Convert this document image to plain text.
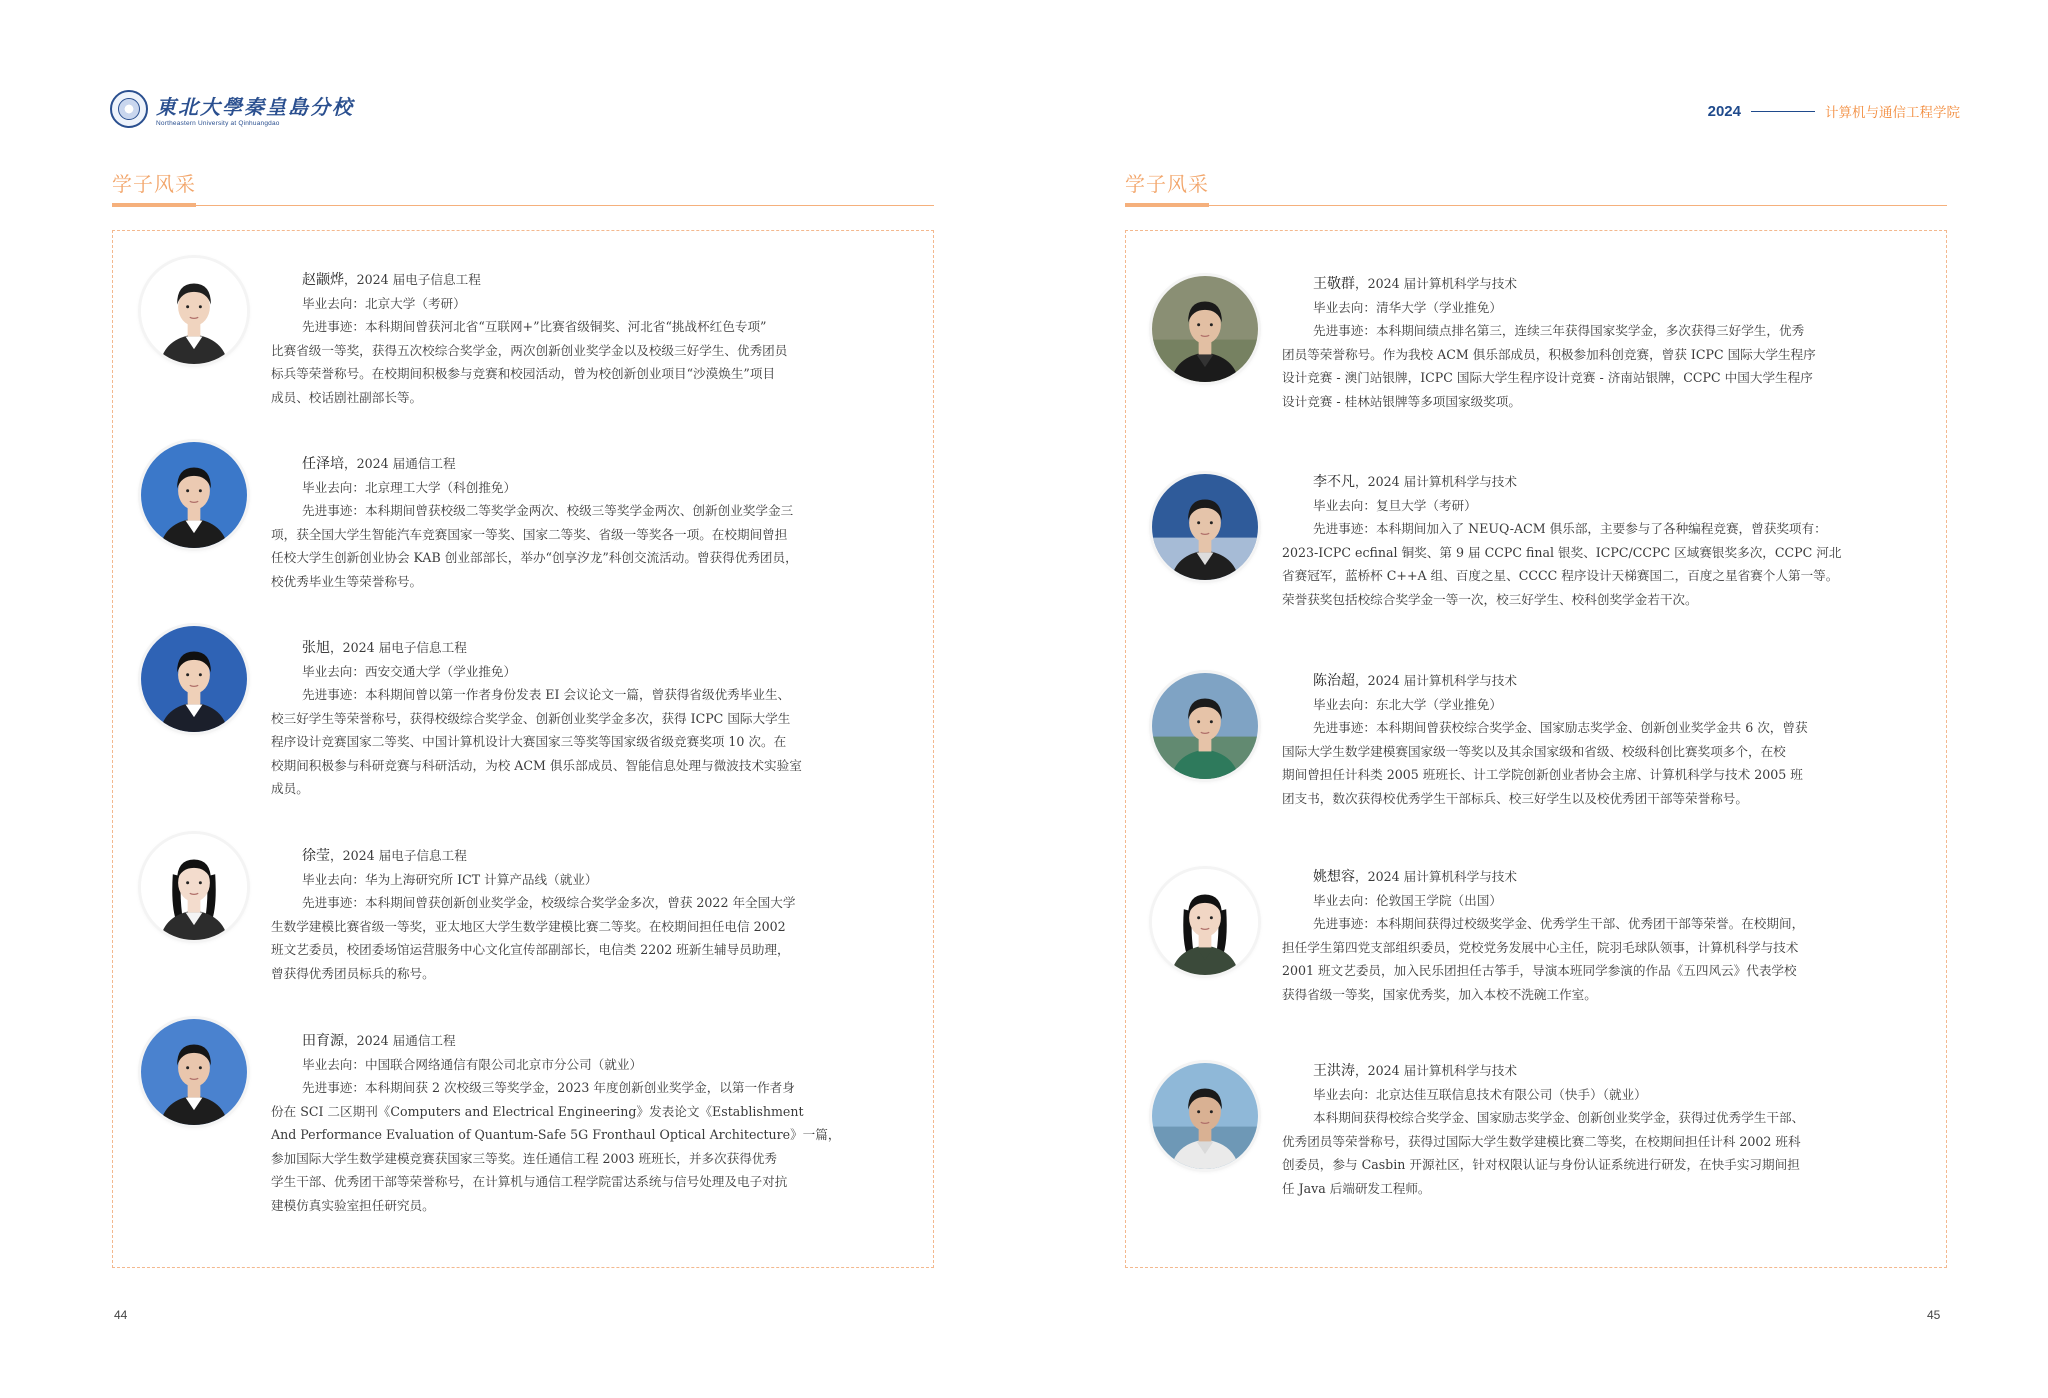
東北大學秦皇島分校
Northeastern University at Qinhuangdao
学子风采
赵颛烨，2024 届电子信息工程
毕业去向：北京大学（考研）
先进事迹：本科期间曾获河北省“互联网+”比赛省级铜奖、河北省“挑战杯红色专项”
比赛省级一等奖，获得五次校综合奖学金，两次创新创业奖学金以及校级三好学生、优秀团员
标兵等荣誉称号。在校期间积极参与竞赛和校园活动，曾为校创新创业项目“沙漠焕生”项目
成员、校话剧社副部长等。
任泽培，2024 届通信工程
毕业去向：北京理工大学（科创推免）
先进事迹：本科期间曾获校级二等奖学金两次、校级三等奖学金两次、创新创业奖学金三
项，获全国大学生智能汽车竞赛国家一等奖、国家二等奖、省级一等奖各一项。在校期间曾担
任校大学生创新创业协会 KAB 创业部部长，举办“创享汐龙”科创交流活动。曾获得优秀团员，
校优秀毕业生等荣誉称号。
张旭，2024 届电子信息工程
毕业去向：西安交通大学（学业推免）
先进事迹：本科期间曾以第一作者身份发表 EI 会议论文一篇，曾获得省级优秀毕业生、
校三好学生等荣誉称号，获得校级综合奖学金、创新创业奖学金多次，获得 ICPC 国际大学生
程序设计竞赛国家二等奖、中国计算机设计大赛国家三等奖等国家级省级竞赛奖项 10 次。在
校期间积极参与科研竞赛与科研活动，为校 ACM 俱乐部成员、智能信息处理与微波技术实验室
成员。
徐莹，2024 届电子信息工程
毕业去向：华为上海研究所 ICT 计算产品线（就业）
先进事迹：本科期间曾获创新创业奖学金，校级综合奖学金多次，曾获 2022 年全国大学
生数学建模比赛省级一等奖，亚太地区大学生数学建模比赛二等奖。在校期间担任电信 2002
班文艺委员，校团委场馆运营服务中心文化宣传部副部长，电信类 2202 班新生辅导员助理，
曾获得优秀团员标兵的称号。
田育源，2024 届通信工程
毕业去向：中国联合网络通信有限公司北京市分公司（就业）
先进事迹：本科期间获 2 次校级三等奖学金，2023 年度创新创业奖学金，以第一作者身
份在 SCI 二区期刊《Computers and Electrical Engineering》发表论文《Establishment
And Performance Evaluation of Quantum-Safe 5G Fronthaul Optical Architecture》一篇，
参加国际大学生数学建模竞赛获国家三等奖。连任通信工程 2003 班班长，并多次获得优秀
学生干部、优秀团干部等荣誉称号，在计算机与通信工程学院雷达系统与信号处理及电子对抗
建模仿真实验室担任研究员。
44
2024	计算机与通信工程学院
学子风采
王敬群，2024 届计算机科学与技术
毕业去向：清华大学（学业推免）
先进事迹：本科期间绩点排名第三，连续三年获得国家奖学金，多次获得三好学生，优秀
团员等荣誉称号。作为我校 ACM 俱乐部成员，积极参加科创竞赛，曾获 ICPC 国际大学生程序
设计竞赛 - 澳门站银牌，ICPC 国际大学生程序设计竞赛 - 济南站银牌，CCPC 中国大学生程序
设计竞赛 - 桂林站银牌等多项国家级奖项。
李不凡，2024 届计算机科学与技术
毕业去向：复旦大学（考研）
先进事迹：本科期间加入了 NEUQ-ACM 俱乐部，主要参与了各种编程竞赛，曾获奖项有：
2023-ICPC ecfinal 铜奖、第 9 届 CCPC final 银奖、ICPC/CCPC 区域赛银奖多次，CCPC 河北
省赛冠军，蓝桥杯 C++A 组、百度之星、CCCC 程序设计天梯赛国二，百度之星省赛个人第一等。
荣誉获奖包括校综合奖学金一等一次，校三好学生、校科创奖学金若干次。
陈治超，2024 届计算机科学与技术
毕业去向：东北大学（学业推免）
先进事迹：本科期间曾获校综合奖学金、国家励志奖学金、创新创业奖学金共 6 次，曾获
国际大学生数学建模赛国家级一等奖以及其余国家级和省级、校级科创比赛奖项多个，在校
期间曾担任计科类 2005 班班长、计工学院创新创业者协会主席、计算机科学与技术 2005 班
团支书，数次获得校优秀学生干部标兵、校三好学生以及校优秀团干部等荣誉称号。
姚想容，2024 届计算机科学与技术
毕业去向：伦敦国王学院（出国）
先进事迹：本科期间获得过校级奖学金、优秀学生干部、优秀团干部等荣誉。在校期间，
担任学生第四党支部组织委员，党校党务发展中心主任，院羽毛球队领事，计算机科学与技术
2001 班文艺委员，加入民乐团担任古筝手，导演本班同学参演的作品《五四风云》代表学校
获得省级一等奖，国家优秀奖，加入本校不洗碗工作室。
王洪涛，2024 届计算机科学与技术
毕业去向：北京达佳互联信息技术有限公司（快手）（就业）
本科期间获得校综合奖学金、国家励志奖学金、创新创业奖学金，获得过优秀学生干部、
优秀团员等荣誉称号，获得过国际大学生数学建模比赛二等奖，在校期间担任计科 2002 班科
创委员，参与 Casbin 开源社区，针对权限认证与身份认证系统进行研发，在快手实习期间担
任 Java 后端研发工程师。
45
